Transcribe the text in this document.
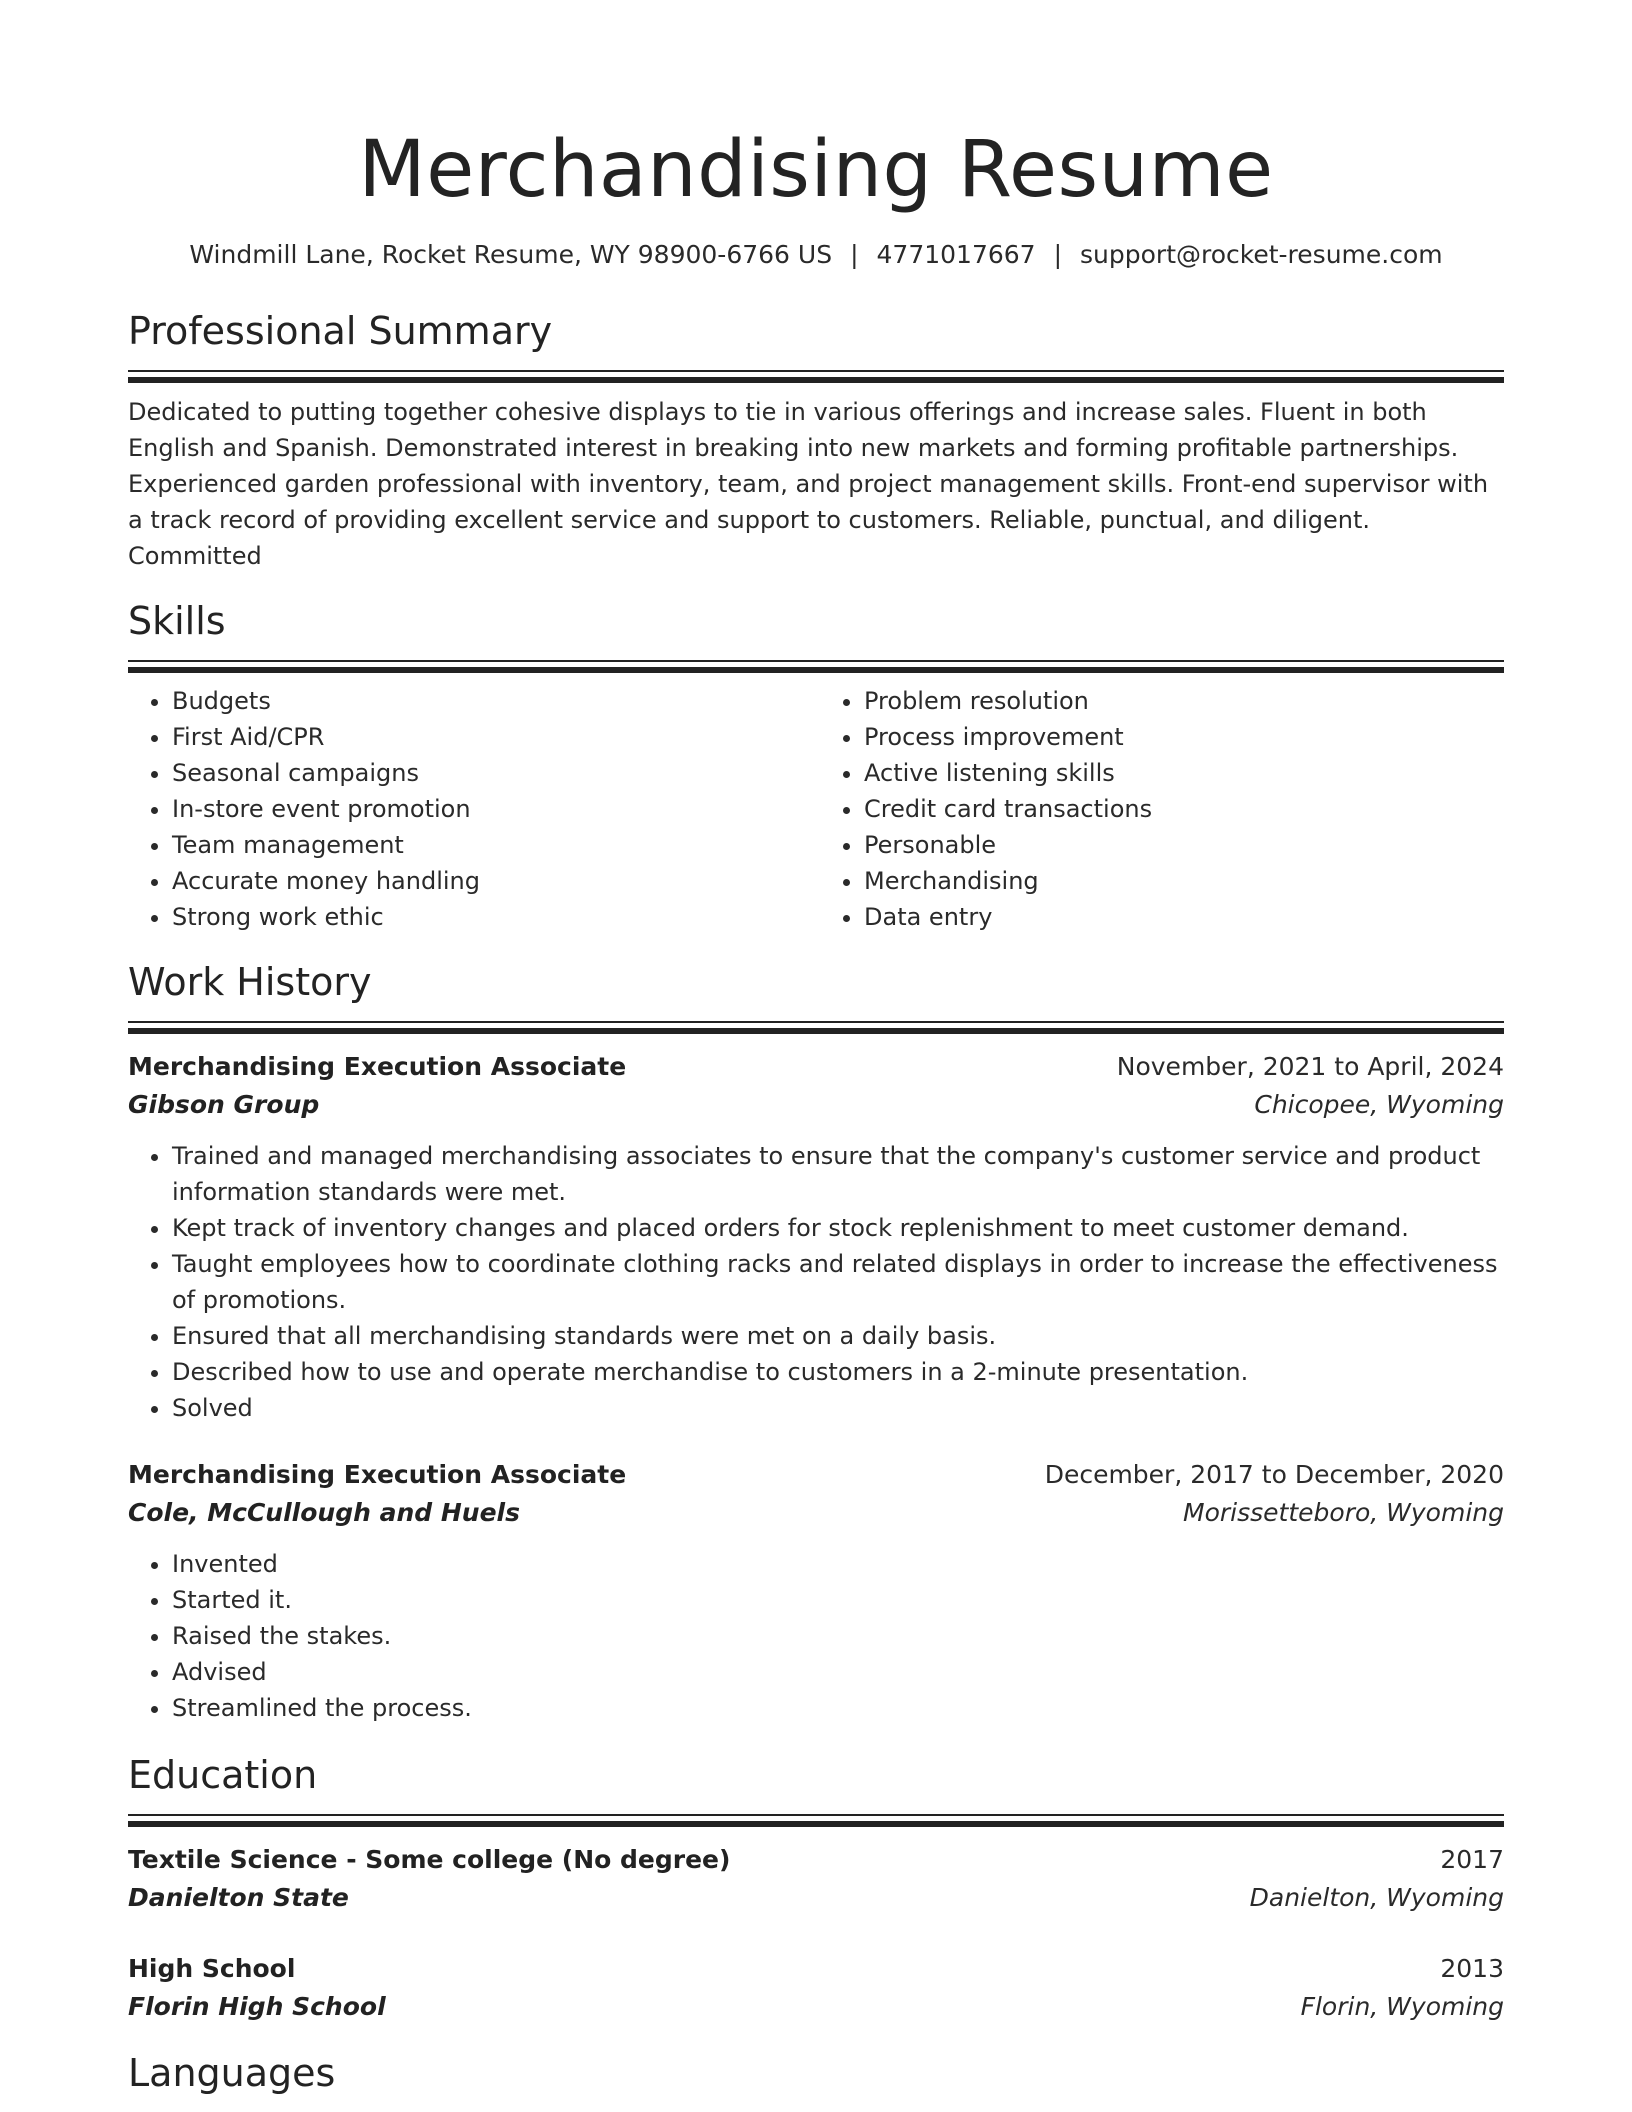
Merchandising Resume
Windmill Lane, Rocket Resume, WY 98900-6766 US | 4771017667 | support@rocket-resume.com
Professional Summary

Dedicated to putting together cohesive displays to tie in various offerings and increase sales. Fluent in both English and Spanish. Demonstrated interest in breaking into new markets and forming profitable partnerships. Experienced garden professional with inventory, team, and project management skills. Front-end supervisor with a track record of providing excellent service and support to customers. Reliable, punctual, and diligent. Committed

Skills
• Budgets
• First Aid/CPR
• Seasonal campaigns
• In-store event promotion
• Team management
• Accurate money handling
• Strong work ethic
• Problem resolution
• Process improvement
• Active listening skills
• Credit card transactions
• Personable
• Merchandising
• Data entry
Work History
Merchandising Execution Associate	November, 2021 to April, 2024
Gibson Group	Chicopee, Wyoming
• Trained and managed merchandising associates to ensure that the company's customer service and product information standards were met.
• Kept track of inventory changes and placed orders for stock replenishment to meet customer demand.
• Taught employees how to coordinate clothing racks and related displays in order to increase the effectiveness of promotions.
• Ensured that all merchandising standards were met on a daily basis.
• Described how to use and operate merchandise to customers in a 2-minute presentation.
• Solved
Merchandising Execution Associate	December, 2017 to December, 2020
Cole, McCullough and Huels	Morissetteboro, Wyoming
• Invented
• Started it.
• Raised the stakes.
• Advised
• Streamlined the process.
Education
Textile Science - Some college (No degree)	2017
Danielton State	Danielton, Wyoming
High School	2013
Florin High School	Florin, Wyoming
Languages
